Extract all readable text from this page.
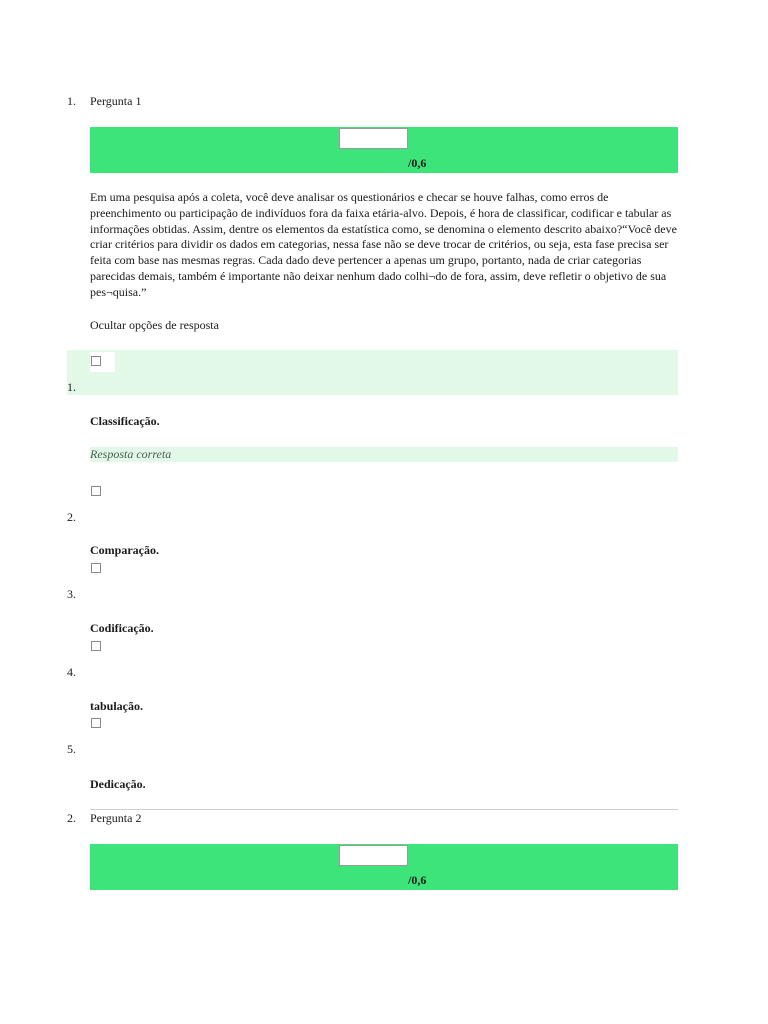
1. Pergunta 1
/0,6
Em uma pesquisa após a coleta, você deve analisar os questionários e checar se houve falhas, como erros de preenchimento ou participação de indivíduos fora da faixa etária-alvo. Depois, é hora de classificar, codificar e tabular as informações obtidas. Assim, dentre os elementos da estatística como, se denomina o elemento descrito abaixo?“Você deve criar critérios para dividir os dados em categorias, nessa fase não se deve trocar de critérios, ou seja, esta fase precisa ser feita com base nas mesmas regras. Cada dado deve pertencer a apenas um grupo, portanto, nada de criar categorias parecidas demais, também é importante não deixar nenhum dado colhi¬do de fora, assim, deve refletir o objetivo de sua pes¬quisa.”
Ocultar opções de resposta
1.
Classificação.
Resposta correta
2.
Comparação.
3.
Codificação.
4.
tabulação.
5.
Dedicação.
2. Pergunta 2
/0,6
